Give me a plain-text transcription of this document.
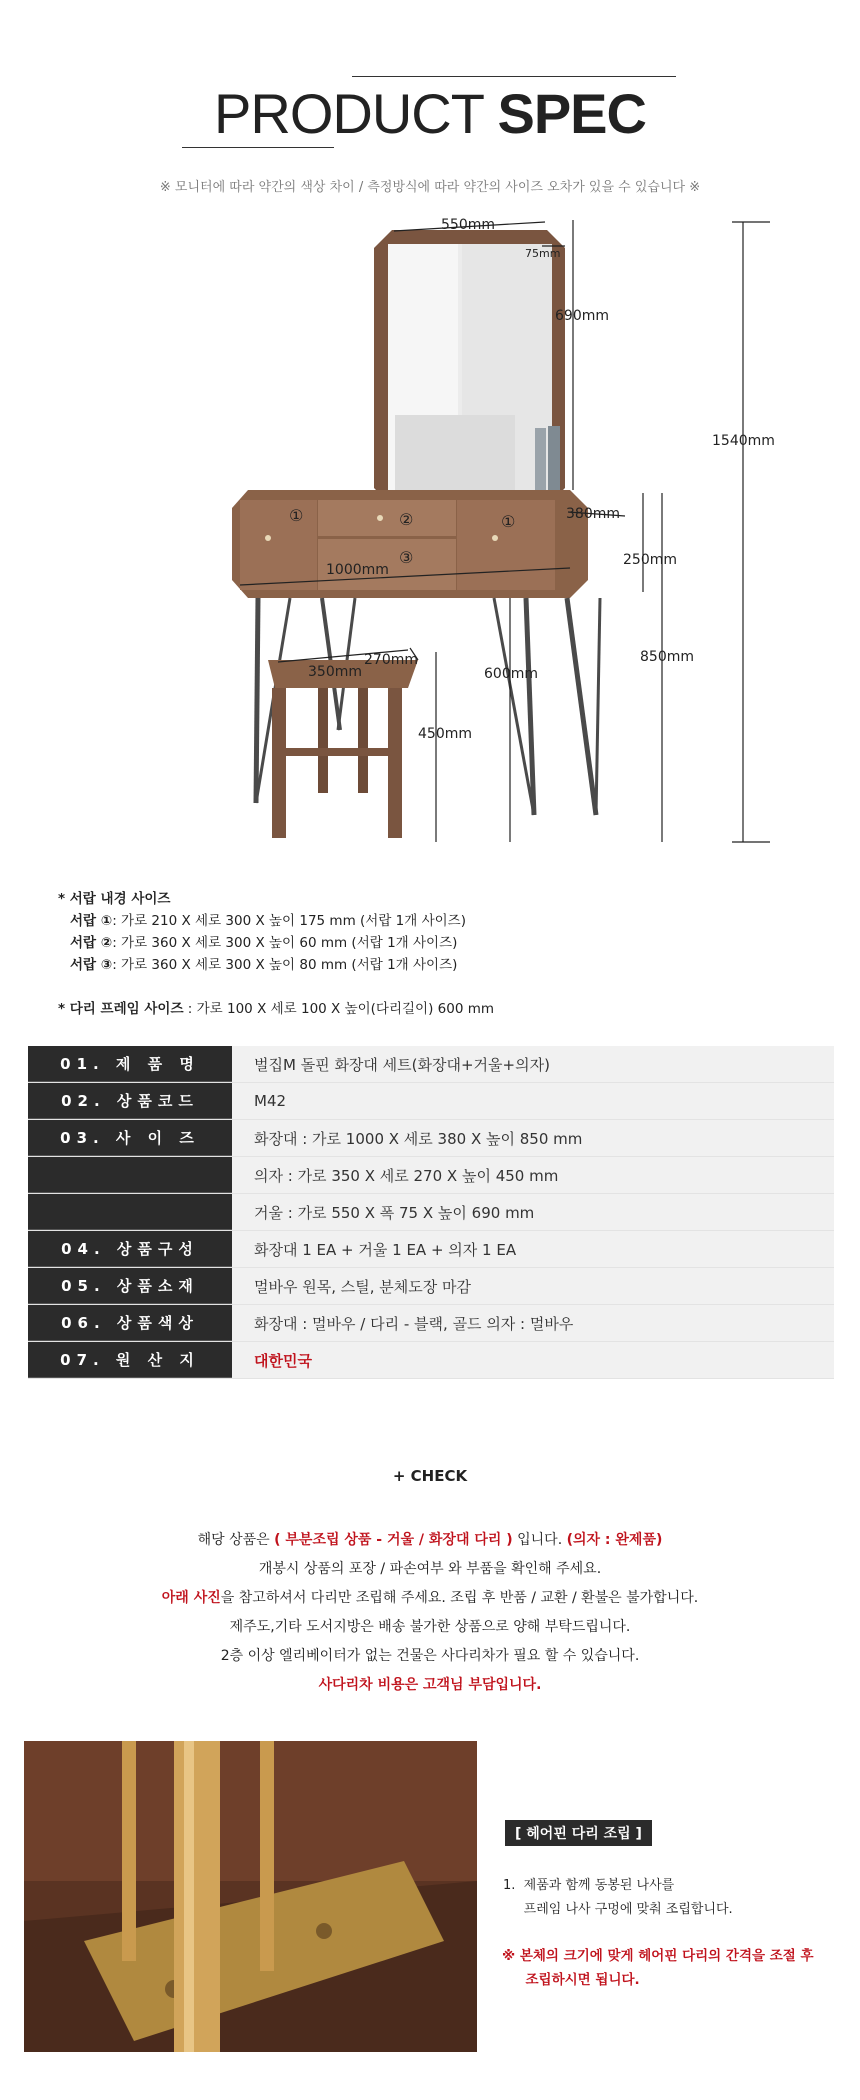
PRODUCT SPEC
※ 모니터에 따라 약간의 색상 차이 / 측정방식에 따라 약간의 사이즈 오차가 있을 수 있습니다 ※
550mm
75mm
690mm
1540mm
380mm
250mm
1000mm
850mm
600mm
350mm
270mm
450mm
①	②
③
①
* 서랍 내경 사이즈
서랍 ①: 가로 210 X 세로 300 X 높이 175 mm (서랍 1개 사이즈)
서랍 ②: 가로 360 X 세로 300 X 높이 60 mm (서랍 1개 사이즈)
서랍 ③: 가로 360 X 세로 300 X 높이 80 mm (서랍 1개 사이즈)
* 다리 프레임 사이즈 : 가로 100 X 세로 100 X 높이(다리길이) 600 mm
01. 제 품 명	벌집M 돌핀 화장대 세트(화장대+거울+의자)
02. 상품코드	M42
03. 사 이 즈	화장대 : 가로 1000 X 세로 380 X 높이 850 mm
의자 : 가로 350 X 세로 270 X 높이 450 mm
거울 : 가로 550 X 폭 75 X 높이 690 mm
04. 상품구성	화장대 1 EA + 거울 1 EA + 의자 1 EA
05. 상품소재	멀바우 원목, 스틸, 분체도장 마감
06. 상품색상	화장대 : 멀바우 / 다리 - 블랙, 골드 의자 : 멀바우
07. 원 산 지	대한민국
+ CHECK
해당 상품은 ( 부분조립 상품 - 거울 / 화장대 다리 ) 입니다. (의자 : 완제품)
개봉시 상품의 포장 / 파손여부 와 부품을 확인해 주세요.
아래 사진을 참고하셔서 다리만 조립해 주세요. 조립 후 반품 / 교환 / 환불은 불가합니다.
제주도,기타 도서지방은 배송 불가한 상품으로 양해 부탁드립니다.
2층 이상 엘리베이터가 없는 건물은 사다리차가 필요 할 수 있습니다.
사다리차 비용은 고객님 부담입니다.
[ 헤어핀 다리 조립 ]
1.  제품과 함께 동봉된 나사를
프레임 나사 구멍에 맞춰 조립합니다.
※ 본체의 크기에 맞게 헤어핀 다리의 간격을 조절 후
조립하시면 됩니다.
